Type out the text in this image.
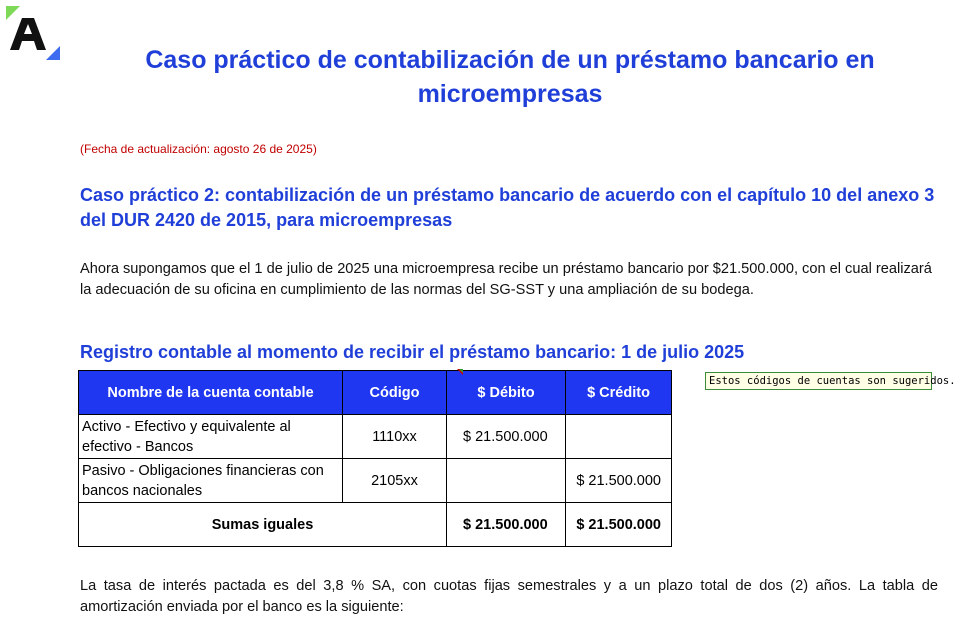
Caso práctico de contabilización de un préstamo bancario en microempresas
(Fecha de actualización: agosto 26 de 2025)
Caso práctico 2: contabilización de un préstamo bancario de acuerdo con el capítulo 10 del anexo 3 del DUR 2420 de 2015, para microempresas
Ahora supongamos que el 1 de julio de 2025 una microempresa recibe un préstamo bancario por $21.500.000, con el cual realizará la adecuación de su oficina en cumplimiento de las normas del SG-SST y una ampliación de su bodega.
Registro contable al momento de recibir el préstamo bancario: 1 de julio 2025
Nombre de la cuenta contable	Código	$ Débito	$ Crédito
Activo - Efectivo y equivalente al efectivo - Bancos	1110xx	$ 21.500.000	
Pasivo - Obligaciones financieras con bancos nacionales	2105xx		$ 21.500.000
Sumas iguales		$ 21.500.000	$ 21.500.000
Estos códigos de cuentas son sugeridos.
La tasa de interés pactada es del 3,8 % SA, con cuotas fijas semestrales y a un plazo total de dos (2) años. La tabla de amortización enviada por el banco es la siguiente:
